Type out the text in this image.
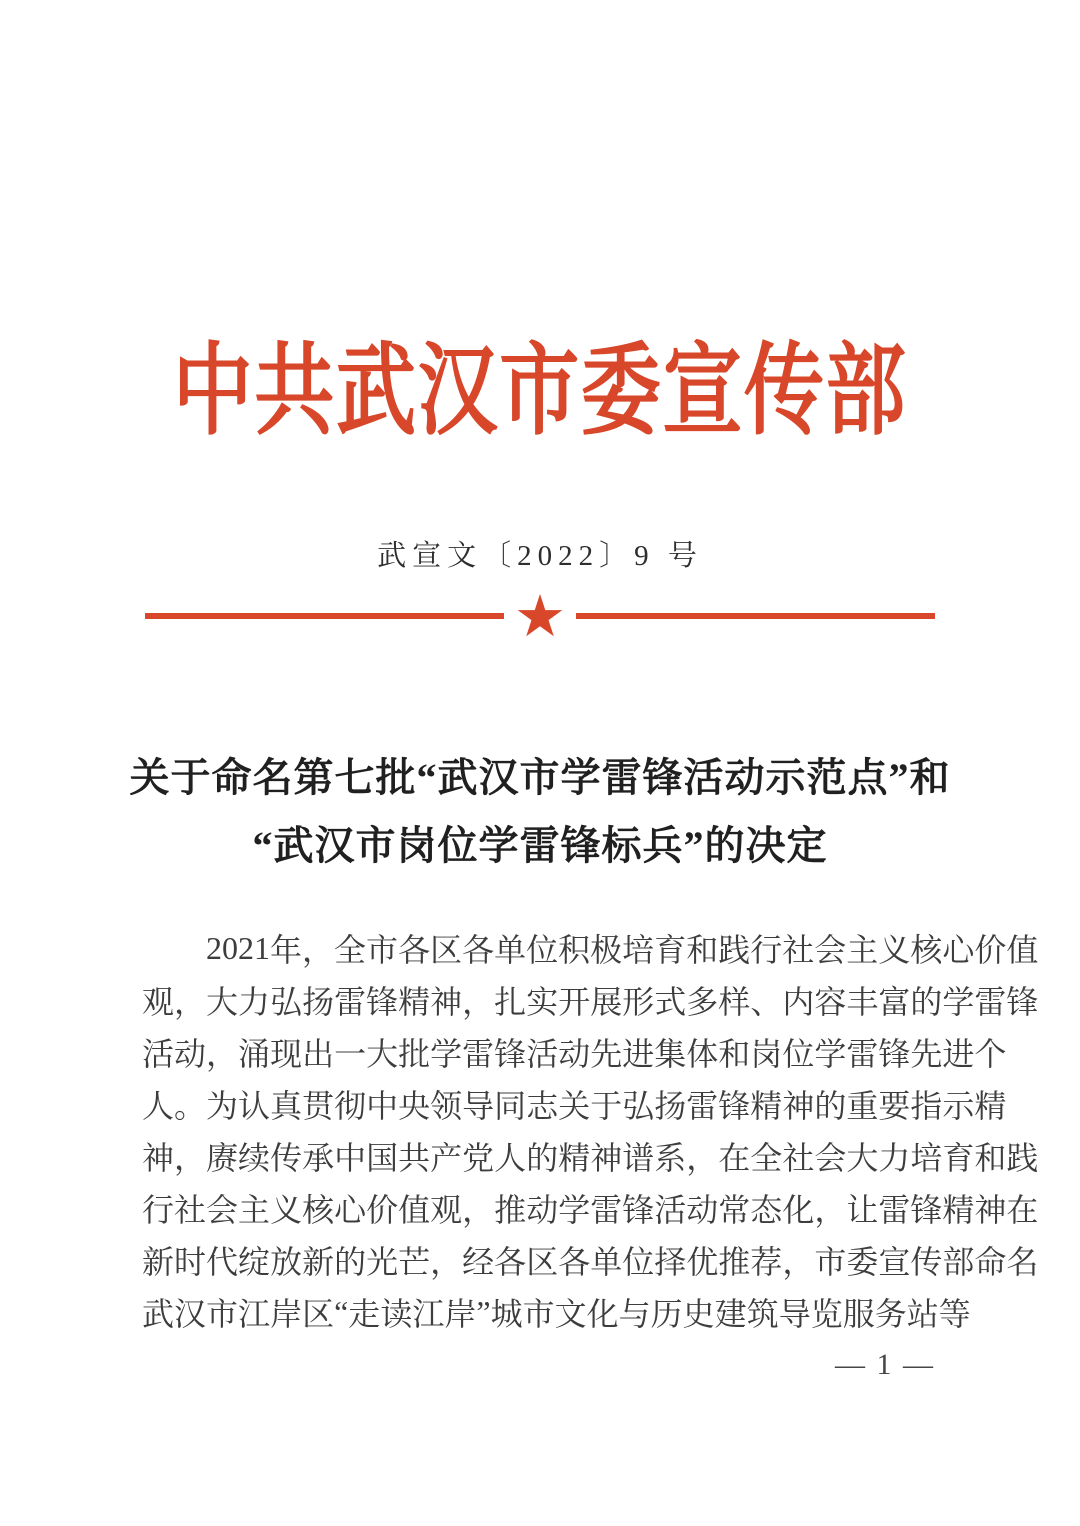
中共武汉市委宣传部
武宣文〔2022〕9 号
★
关于命名第七批“武汉市学雷锋活动示范点”和
“武汉市岗位学雷锋标兵”的决定
2021 年 ， 全 市 各 区 各 单 位 积 极 培 育 和 践 行 社 会 主 义 核 心 价 值
观 ， 大 力 弘 扬 雷 锋 精 神 ， 扎 实 开 展 形 式 多 样 、 内 容 丰 富 的 学 雷 锋
活 动 ， 涌 现 出 一 大 批 学 雷 锋 活 动 先 进 集 体 和 岗 位 学 雷 锋 先 进 个
人 。 为 认 真 贯 彻 中 央 领 导 同 志 关 于 弘 扬 雷 锋 精 神 的 重 要 指 示 精
神 ， 赓 续 传 承 中 国 共 产 党 人 的 精 神 谱 系 ， 在 全 社 会 大 力 培 育 和 践
行 社 会 主 义 核 心 价 值 观 ， 推 动 学 雷 锋 活 动 常 态 化 ， 让 雷 锋 精 神 在
新 时 代 绽 放 新 的 光 芒 ， 经 各 区 各 单 位 择 优 推 荐 ， 市 委 宣 传 部 命 名
武 汉 市 江 岸 区 “ 走 读 江 岸 ” 城 市 文 化 与 历 史 建 筑 导 览 服 务 站 等
— 1 —
